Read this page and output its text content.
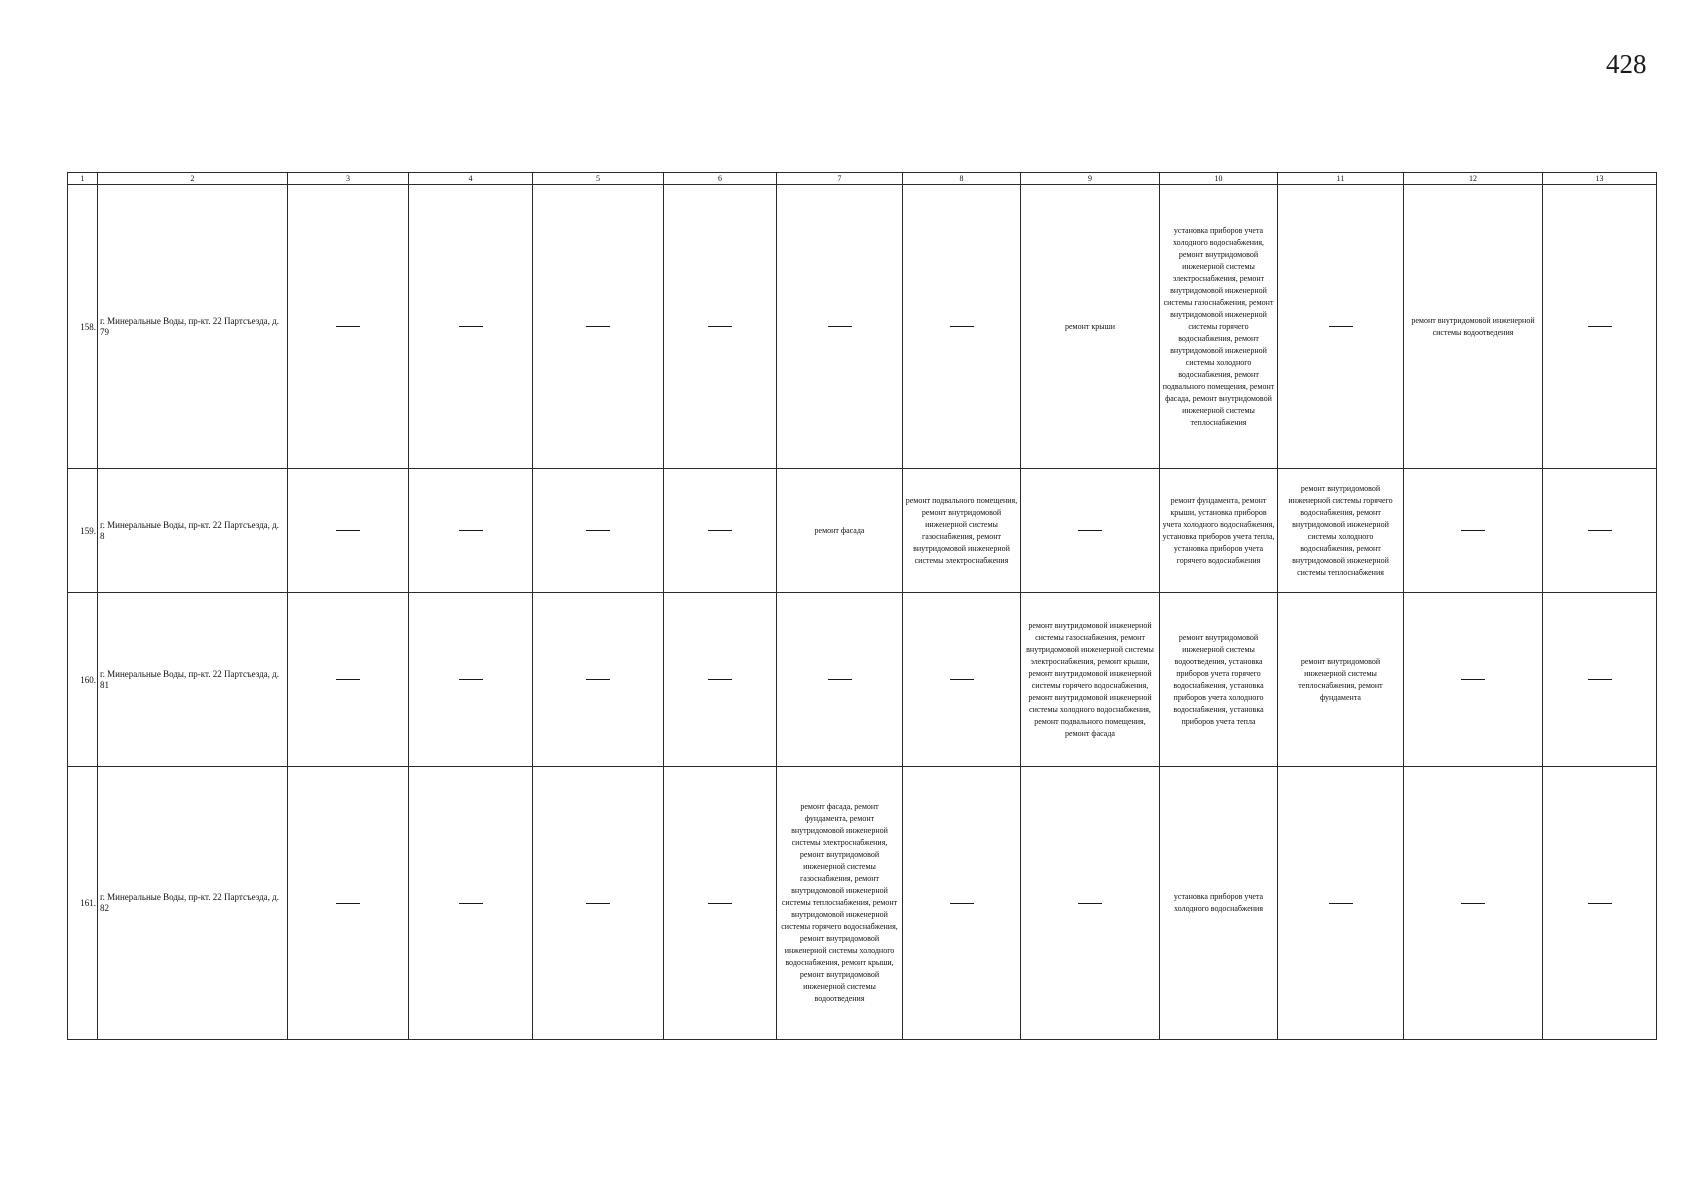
428
1	2	3	4	5	6	7	8	9	10	11	12	13
158.	г. Минеральные Воды, пр-кт. 22 Партсъезда, д. 79							ремонт крыши	установка приборов учета холодного водоснабжения, ремонт внутридомовой инженерной системы электроснабжения, ремонт внутридомовой инженерной системы газоснабжения, ремонт внутридомовой инженерной системы горячего водоснабжения, ремонт внутридомовой инженерной системы холодного водоснабжения, ремонт подвального помещения, ремонт фасада, ремонт внутридомовой инженерной системы теплоснабжения		ремонт внутридомовой инженерной системы водоотведения	
159.	г. Минеральные Воды, пр-кт. 22 Партсъезда, д. 8					ремонт фасада	ремонт подвального помещения, ремонт внутридомовой инженерной системы газоснабжения, ремонт внутридомовой инженерной системы электроснабжения		ремонт фундамента, ремонт крыши, установка приборов учета холодного водоснабжения, установка приборов учета тепла, установка приборов учета горячего водоснабжения	ремонт внутридомовой инженерной системы горячего водоснабжения, ремонт внутридомовой инженерной системы холодного водоснабжения, ремонт внутридомовой инженерной системы теплоснабжения		
160.	г. Минеральные Воды, пр-кт. 22 Партсъезда, д. 81							ремонт внутридомовой инженерной системы газоснабжения, ремонт внутридомовой инженерной системы электроснабжения, ремонт крыши, ремонт внутридомовой инженерной системы горячего водоснабжения, ремонт внутридомовой инженерной системы холодного водоснабжения, ремонт подвального помещения, ремонт фасада	ремонт внутридомовой инженерной системы водоотведения, установка приборов учета горячего водоснабжения, установка приборов учета холодного водоснабжения, установка приборов учета тепла	ремонт внутридомовой инженерной системы теплоснабжения, ремонт фундамента		
161.	г. Минеральные Воды, пр-кт. 22 Партсъезда, д. 82					ремонт фасада, ремонт фундамента, ремонт внутридомовой инженерной системы электроснабжения, ремонт внутридомовой инженерной системы газоснабжения, ремонт внутридомовой инженерной системы теплоснабжения, ремонт внутридомовой инженерной системы горячего водоснабжения, ремонт внутридомовой инженерной системы холодного водоснабжения, ремонт крыши, ремонт внутридомовой инженерной системы водоотведения			установка приборов учета холодного водоснабжения			
